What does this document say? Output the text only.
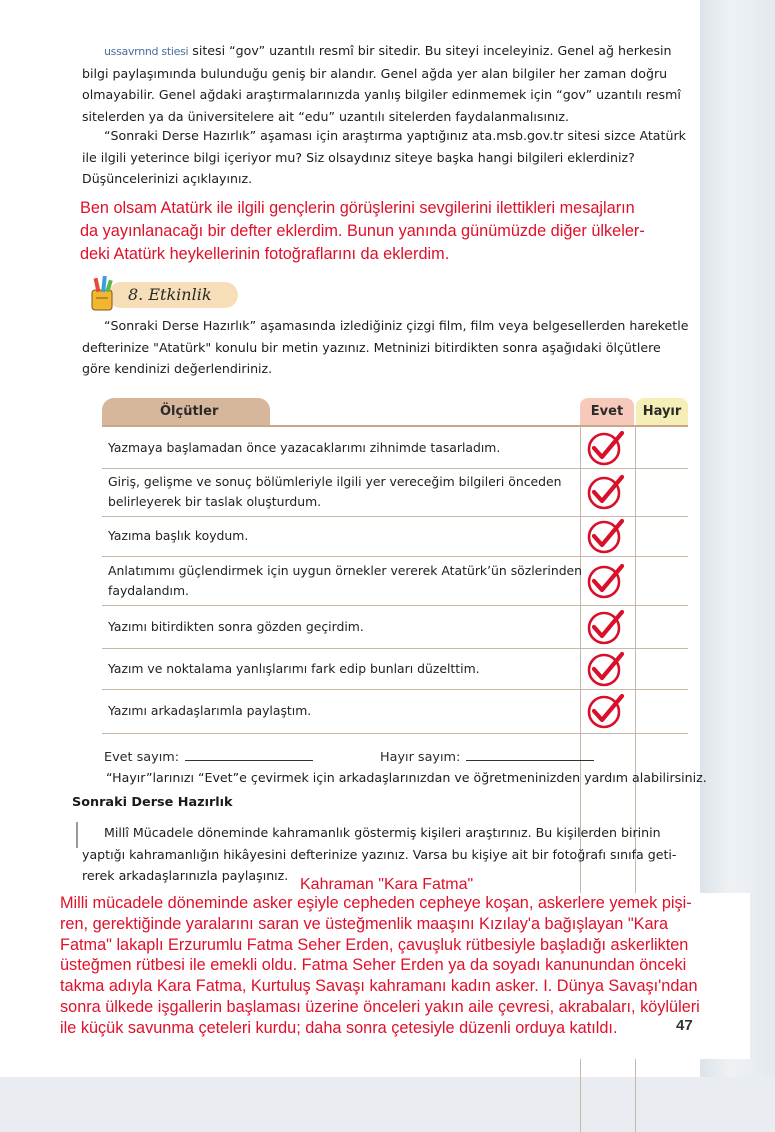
ussavrnnd stiesi sitesi “gov” uzantılı resmî bir sitedir. Bu siteyi inceleyiniz. Genel ağ herkesin
bilgi paylaşımında bulunduğu geniş bir alandır. Genel ağda yer alan bilgiler her zaman doğru
olmayabilir. Genel ağdaki araştırmalarınızda yanlış bilgiler edinmemek için “gov” uzantılı resmî
sitelerden ya da üniversitelere ait “edu” uzantılı sitelerden faydalanmalısınız.
“Sonraki Derse Hazırlık” aşaması için araştırma yaptığınız ata.msb.gov.tr sitesi sizce Atatürk
ile ilgili yeterince bilgi içeriyor mu? Siz olsaydınız siteye başka hangi bilgileri eklerdiniz?
Düşüncelerinizi açıklayınız.
Ben olsam Atatürk ile ilgili gençlerin görüşlerini sevgilerini ilettikleri mesajların
da yayınlanacağı bir defter eklerdim. Bunun yanında günümüzde diğer ülkeler-
deki Atatürk heykellerinin fotoğraflarını da eklerdim.
8. Etkinlik
“Sonraki Derse Hazırlık” aşamasında izlediğiniz çizgi film, film veya belgesellerden hareketle
defterinize "Atatürk" konulu bir metin yazınız. Metninizi bitirdikten sonra aşağıdaki ölçütlere
göre kendinizi değerlendiriniz.
Ölçütler	Evet	Hayır
Yazmaya başlamadan önce yazacaklarımı zihnimde tasarladım.
Giriş, gelişme ve sonuç bölümleriyle ilgili yer vereceğim bilgileri önceden
belirleyerek bir taslak oluşturdum.
Yazıma başlık koydum.
Anlatımımı güçlendirmek için uygun örnekler vererek Atatürk’ün sözlerinden
faydalandım.
Yazımı bitirdikten sonra gözden geçirdim.
Yazım ve noktalama yanlışlarımı fark edip bunları düzelttim.
Yazımı arkadaşlarımla paylaştım.
Evet sayım:	Hayır sayım:
“Hayır”larınızı “Evet”e çevirmek için arkadaşlarınızdan ve öğretmeninizden yardım alabilirsiniz.
Sonraki Derse Hazırlık
Millî Mücadele döneminde kahramanlık göstermiş kişileri araştırınız. Bu kişilerden birinin
yaptığı kahramanlığın hikâyesini defterinize yazınız. Varsa bu kişiye ait bir fotoğrafı sınıfa geti-
rerek arkadaşlarınızla paylaşınız.
Milli mücadele döneminde asker eşiyle cepheden cepheye koşan, askerlere yemek pişi-
ren, gerektiğinde yaralarını saran ve üsteğmenlik maaşını Kızılay'a bağışlayan "Kara
Fatma" lakaplı Erzurumlu Fatma Seher Erden, çavuşluk rütbesiyle başladığı askerlikten
üsteğmen rütbesi ile emekli oldu. Fatma Seher Erden ya da soyadı kanunundan önceki
takma adıyla Kara Fatma, Kurtuluş Savaşı kahramanı kadın asker. I. Dünya Savaşı'ndan
sonra ülkede işgallerin başlaması üzerine önceleri yakın aile çevresi, akrabaları, köylüleri
ile küçük savunma çeteleri kurdu; daha sonra çetesiyle düzenli orduya katıldı.
Kahraman "Kara Fatma"
47
